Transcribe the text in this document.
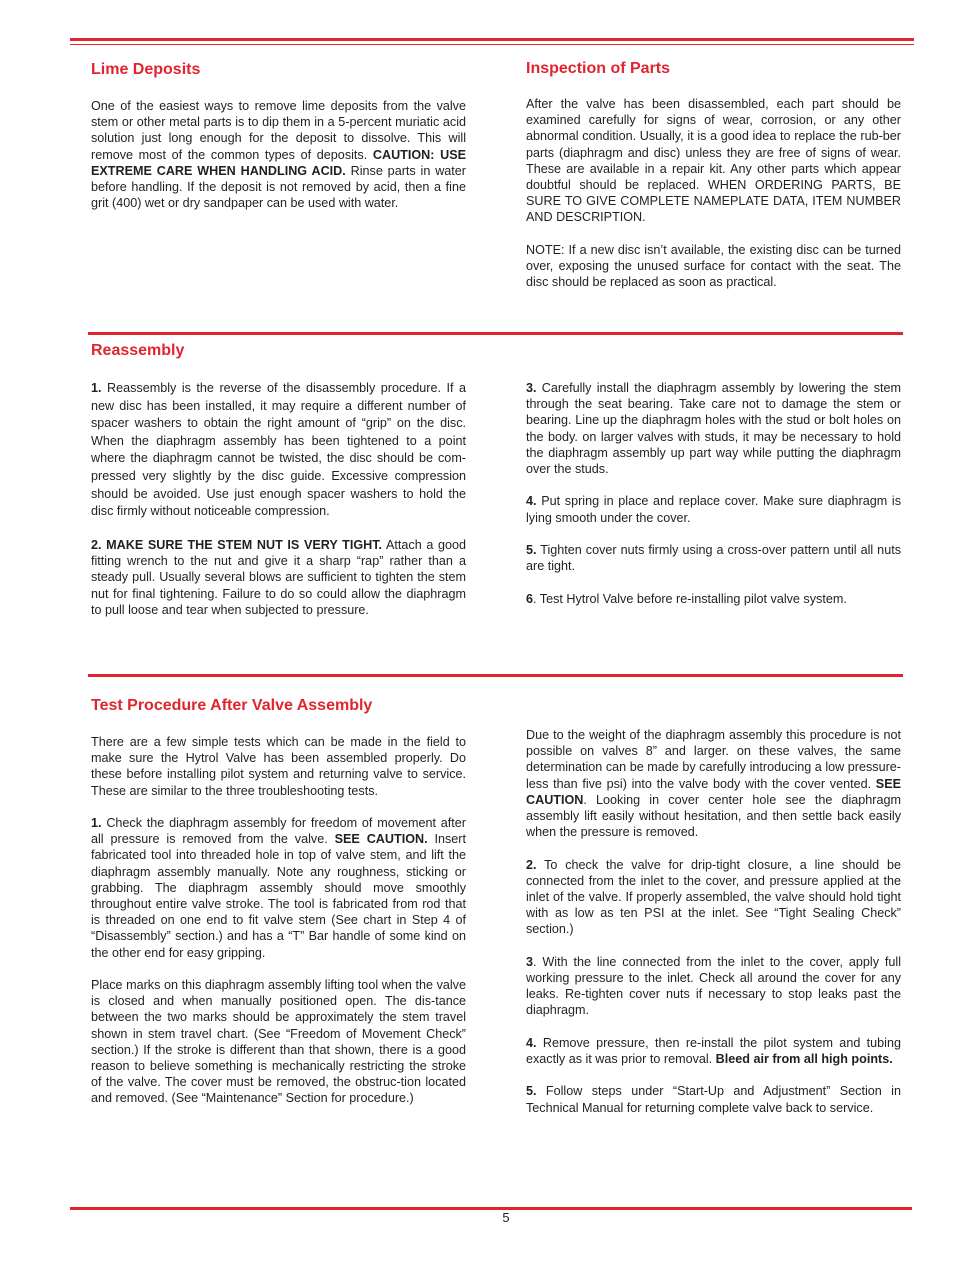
Lime Deposits

One of the easiest ways to remove lime deposits from the valve stem or other metal parts is to dip them in a 5-percent muriatic acid solution just long enough for the deposit to dissolve. This will remove most of the common types of deposits. CAUTION: USE EXTREME CARE WHEN HANDLING ACID. Rinse parts in water before handling. If the deposit is not removed by acid, then a fine grit (400) wet or dry sandpaper can be used with water.

Inspection of Parts

After the valve has been disassembled, each part should be examined carefully for signs of wear, corrosion, or any other abnormal condition. Usually, it is a good idea to replace the rub-ber parts (diaphragm and disc) unless they are free of signs of wear. These are available in a repair kit. Any other parts which appear doubtful should be replaced. WHEN ORDERING PARTS, BE SURE TO GIVE COMPLETE NAMEPLATE DATA, ITEM NUMBER AND DESCRIPTION.

NOTE: If a new disc isn’t available, the existing disc can be turned over, exposing the unused surface for contact with the seat. The disc should be replaced as soon as practical.

Reassembly

1. Reassembly is the reverse of the disassembly procedure. If a new disc has been installed, it may require a different number of spacer washers to obtain the right amount of “grip” on the disc. When the diaphragm assembly has been tightened to a point where the diaphragm cannot be twisted, the disc should be com-pressed very slightly by the disc guide. Excessive compression should be avoided. Use just enough spacer washers to hold the disc firmly without noticeable compression.

2. MAKE SURE THE STEM NUT IS VERY TIGHT. Attach a good fitting wrench to the nut and give it a sharp “rap” rather than a steady pull. Usually several blows are sufficient to tighten the stem nut for final tightening. Failure to do so could allow the diaphragm to pull loose and tear when subjected to pressure.

3. Carefully install the diaphragm assembly by lowering the stem through the seat bearing. Take care not to damage the stem or bearing. Line up the diaphragm holes with the stud or bolt holes on the body. on larger valves with studs, it may be necessary to hold the diaphragm assembly up part way while putting the diaphragm over the studs.

4. Put spring in place and replace cover. Make sure diaphragm is lying smooth under the cover.

5. Tighten cover nuts firmly using a cross-over pattern until all nuts are tight.

6. Test Hytrol Valve before re-installing pilot valve system.

Test Procedure After Valve Assembly

There are a few simple tests which can be made in the field to make sure the Hytrol Valve has been assembled properly. Do these before installing pilot system and returning valve to service. These are similar to the three troubleshooting tests.

1. Check the diaphragm assembly for freedom of movement after all pressure is removed from the valve. SEE CAUTION. Insert fabricated tool into threaded hole in top of valve stem, and lift the diaphragm assembly manually. Note any roughness, sticking or grabbing. The diaphragm assembly should move smoothly throughout entire valve stroke. The tool is fabricated from rod that is threaded on one end to fit valve stem (See chart in Step 4 of “Disassembly” section.) and has a “T” Bar handle of some kind on the other end for easy gripping.

Place marks on this diaphragm assembly lifting tool when the valve is closed and when manually positioned open. The dis-tance between the two marks should be approximately the stem travel shown in stem travel chart. (See “Freedom of Movement Check” section.) If the stroke is different than that shown, there is a good reason to believe something is mechanically restricting the stroke of the valve. The cover must be removed, the obstruc-tion located and removed. (See “Maintenance” Section for procedure.)

Due to the weight of the diaphragm assembly this procedure is not possible on valves 8” and larger. on these valves, the same determination can be made by carefully introducing a low pressure-less than five psi) into the valve body with the cover vented. SEE CAUTION. Looking in cover center hole see the diaphragm assembly lift easily without hesitation, and then settle back easily when the pressure is removed.

2. To check the valve for drip-tight closure, a line should be connected from the inlet to the cover, and pressure applied at the inlet of the valve. If properly assembled, the valve should hold tight with as low as ten PSI at the inlet. See “Tight Sealing Check” section.)

3. With the line connected from the inlet to the cover, apply full working pressure to the inlet. Check all around the cover for any leaks. Re-tighten cover nuts if necessary to stop leaks past the diaphragm.

4. Remove pressure, then re-install the pilot system and tubing exactly as it was prior to removal. Bleed air from all high points.

5. Follow steps under “Start-Up and Adjustment” Section in Technical Manual for returning complete valve back to service.

5
